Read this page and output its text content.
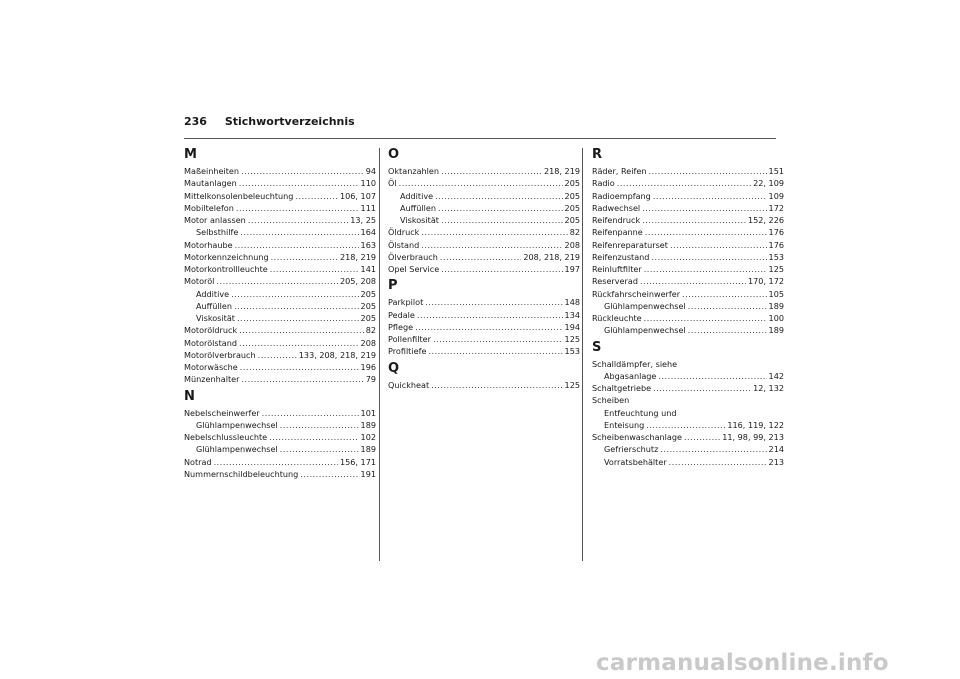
236 Stichwortverzeichnis
M
Maßeinheiten .....	94
Mautanlagen .....	110
Mittelkonsolenbeleuchtung .....	106, 107
Mobiltelefon .....	111
Motor anlassen .....	13, 25
Selbsthilfe .....	164
Motorhaube .....	163
Motorkennzeichnung .....	218, 219
Motorkontrollleuchte .....	141
Motoröl .....	205, 208
Additive .....	205
Auffüllen .....	205
Viskosität .....	205
Motoröldruck .....	82
Motorölstand .....	208
Motorölverbrauch .....	133, 208, 218, 219
Motorwäsche .....	196
Münzenhalter .....	79
N
Nebelscheinwerfer .....	101
Glühlampenwechsel .....	189
Nebelschlussleuchte .....	102
Glühlampenwechsel .....	189
Notrad .....	156, 171
Nummernschildbeleuchtung .....	191
O
Oktanzahlen .....	218, 219
Öl .....	205
Additive .....	205
Auffüllen .....	205
Viskosität .....	205
Öldruck .....	82
Ölstand .....	208
Ölverbrauch .....	208, 218, 219
Opel Service .....	197
P
Parkpilot .....	148
Pedale .....	134
Pflege .....	194
Pollenfilter .....	125
Profiltiefe .....	153
Q
Quickheat .....	125
R
Räder, Reifen .....	151
Radio .....	22, 109
Radioempfang .....	109
Radwechsel .....	172
Reifendruck .....	152, 226
Reifenpanne .....	176
Reifenreparaturset .....	176
Reifenzustand .....	153
Reinluftfilter .....	125
Reserverad .....	170, 172
Rückfahrscheinwerfer .....	105
Glühlampenwechsel .....	189
Rückleuchte .....	100
Glühlampenwechsel .....	189
S
Schalldämpfer, siehe
Abgasanlage .....	142
Schaltgetriebe .....	12, 132
Scheiben
Entfeuchtung und
Enteisung .....	116, 119, 122
Scheibenwaschanlage .....	11, 98, 99, 213
Gefrierschutz .....	214
Vorratsbehälter .....	213
carmanualsonline.info
